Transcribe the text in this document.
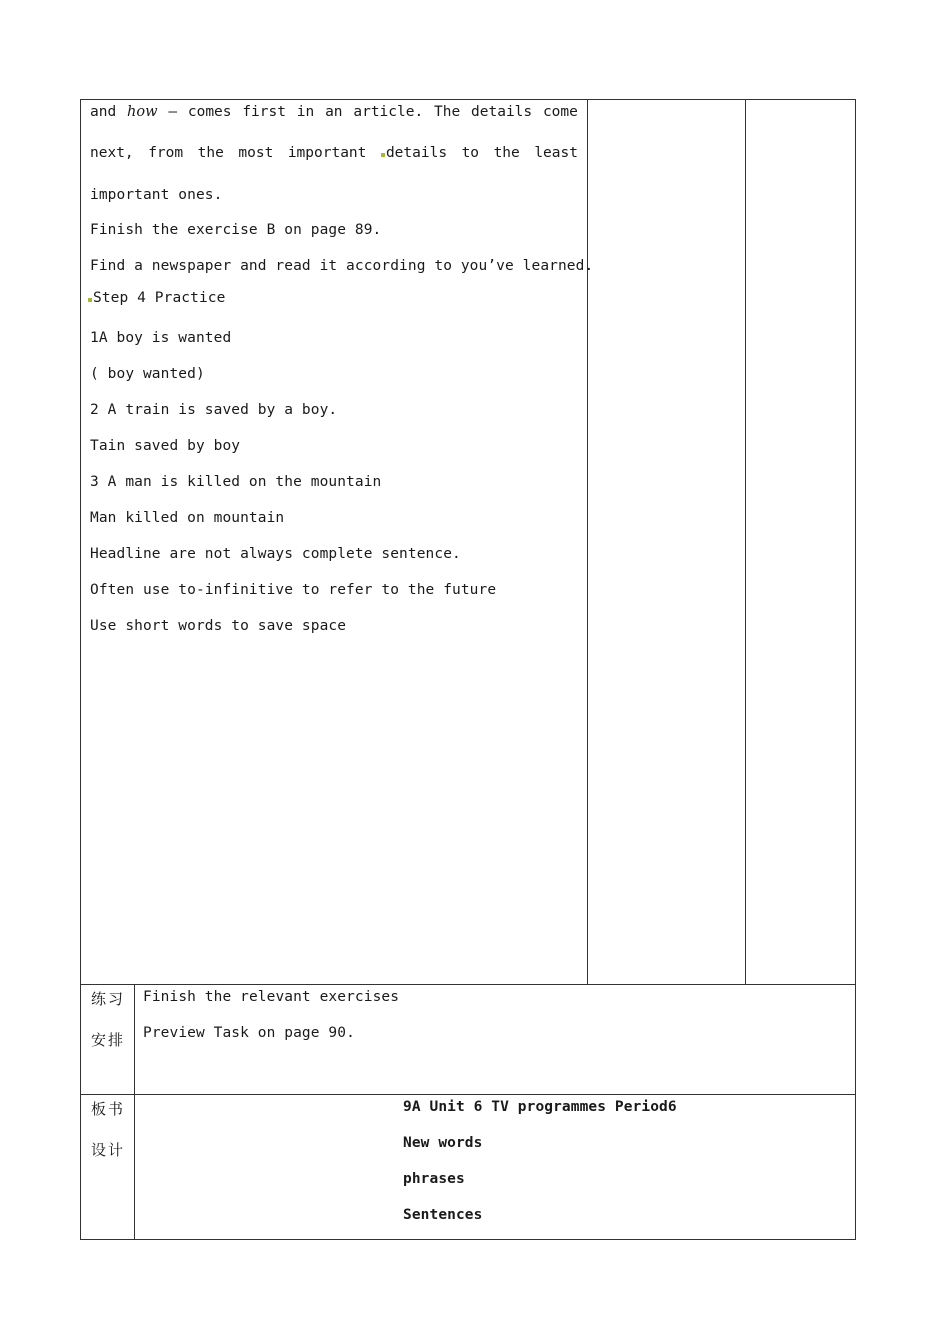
and how — comes first in an article. The details come
next, from the most important	details to the least
important ones.
Finish the exercise B on page 89.
Find a newspaper and read it according to you’ve learned.
Step 4 Practice
1A boy is wanted
( boy wanted)
2 A train is saved by a boy.
Tain saved by boy
3 A man is killed on the mountain
Man killed on mountain
Headline are not always complete sentence.
Often use to-infinitive to refer to the future
Use short words to save space
练习
安排
Finish the relevant exercises
Preview Task on page 90.
板书
设计
9A Unit 6 TV programmes Period6
New words
phrases
Sentences
